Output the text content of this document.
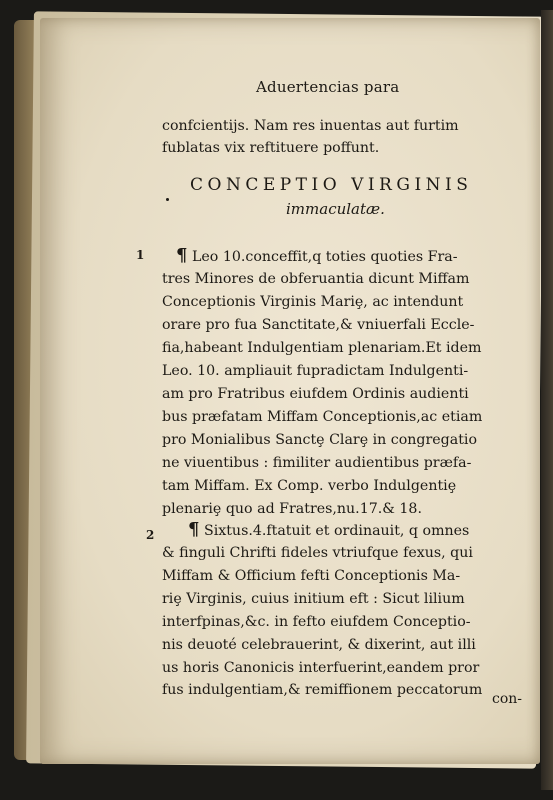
Aduertencias para
confcientijs. Nam res inuentas aut furtim
fublatas vix reftituere poffunt.
CONCEPTIO VIRGINIS
immaculatæ.
1 ¶ Leo 10.conceffit,q toties quoties Fra-
tres Minores de obferuantia dicunt Miffam
Conceptionis Virginis Mariȩ, ac intendunt
orare pro fua Sanctitate,& vniuerfali Eccle-
fia,habeant Indulgentiam plenariam.Et idem
Leo. 10. ampliauit fupradictam Indulgenti-
am pro Fratribus eiufdem Ordinis audienti
bus præfatam Miffam Conceptionis,ac etiam
pro Monialibus Sanctȩ Clarȩ in congregatio
ne viuentibus : fimiliter audientibus præfa-
tam Miffam. Ex Comp. verbo Indulgentiȩ
plenariȩ quo ad Fratres,nu.17.& 18.
2 ¶ Sixtus.4.ftatuit et ordinauit, q omnes
& finguli Chrifti fideles vtriufque fexus, qui
Miffam & Officium fefti Conceptionis Ma-
riȩ Virginis, cuius initium eft : Sicut lilium
interfpinas,&c. in fefto eiufdem Conceptio-
nis deuoté celebrauerint, & dixerint, aut illi
us horis Canonicis interfuerint,eandem pror
fus indulgentiam,& remiffionem peccatorum
con-
